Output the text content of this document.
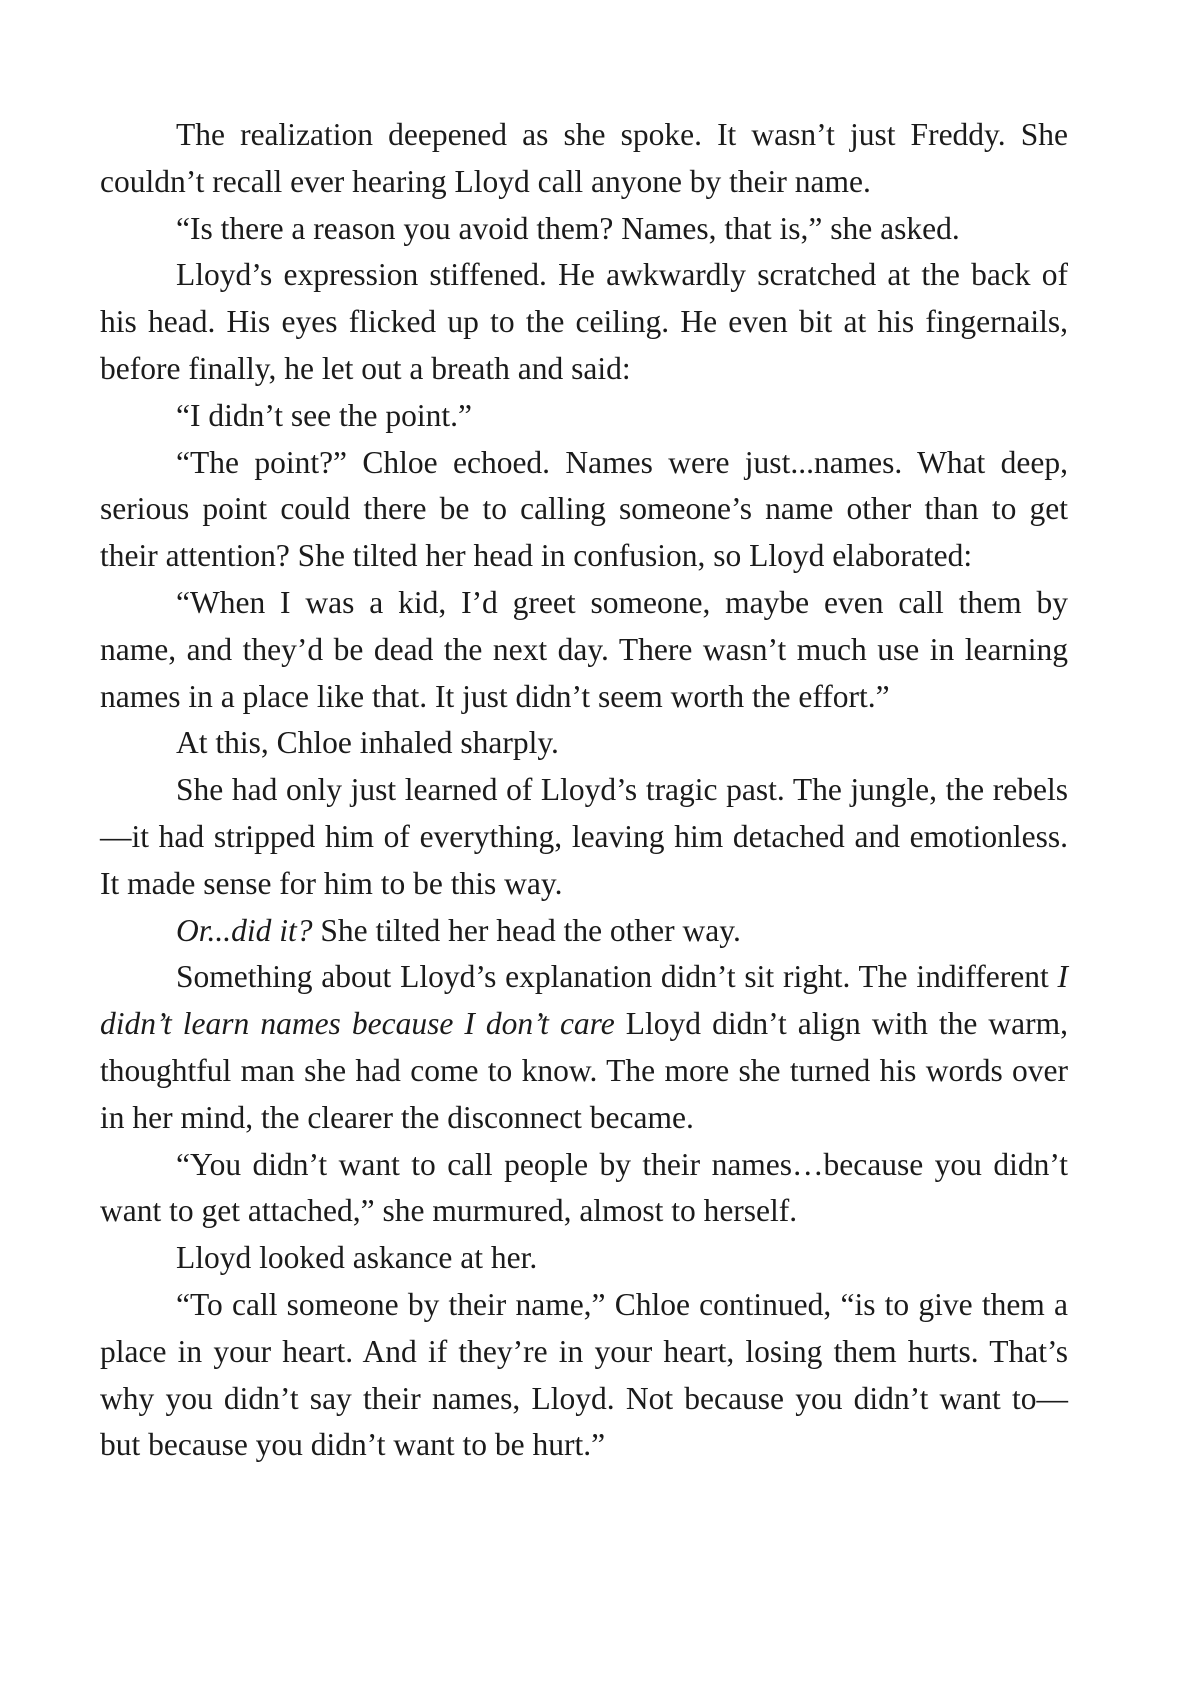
The realization deepened as she spoke. It wasn’t just Freddy. She couldn’t recall ever hearing Lloyd call anyone by their name.

“Is there a reason you avoid them? Names, that is,” she asked.

Lloyd’s expression stiffened. He awkwardly scratched at the back of his head. His eyes flicked up to the ceiling. He even bit at his fingernails, before finally, he let out a breath and said:

“I didn’t see the point.”

“The point?” Chloe echoed. Names were just...names. What deep, serious point could there be to calling someone’s name other than to get their attention? She tilted her head in confusion, so Lloyd elaborated:

“When I was a kid, I’d greet someone, maybe even call them by name, and they’d be dead the next day. There wasn’t much use in learning names in a place like that. It just didn’t seem worth the effort.”

At this, Chloe inhaled sharply.

She had only just learned of Lloyd’s tragic past. The jungle, the rebels—it had stripped him of everything, leaving him detached and emotionless. It made sense for him to be this way.

Or...did it? She tilted her head the other way.

Something about Lloyd’s explanation didn’t sit right. The indifferent I didn’t learn names because I don’t care Lloyd didn’t align with the warm, thoughtful man she had come to know. The more she turned his words over in her mind, the clearer the disconnect became.

“You didn’t want to call people by their names…because you didn’t want to get attached,” she murmured, almost to herself.

Lloyd looked askance at her.

“To call someone by their name,” Chloe continued, “is to give them a place in your heart. And if they’re in your heart, losing them hurts. That’s why you didn’t say their names, Lloyd. Not because you didn’t want to—but because you didn’t want to be hurt.”
